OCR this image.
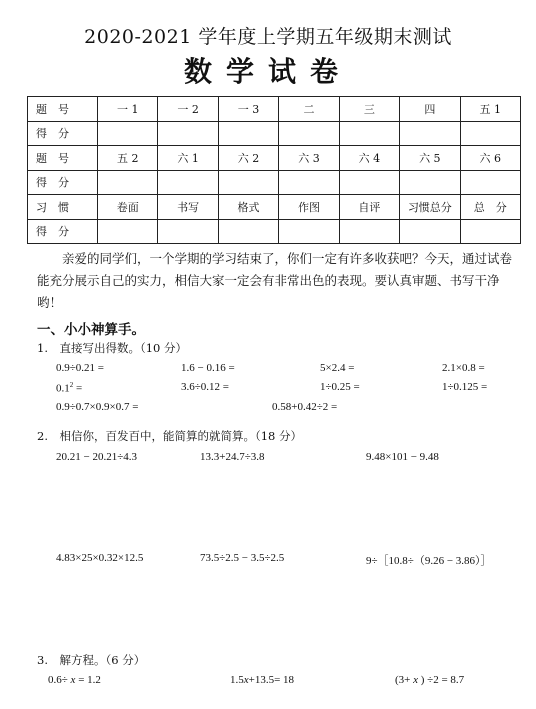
2020-2021 学年度上学期五年级期末测试
数学试卷
题　号	一 1	一 2	一 3	二	三	四	五 1
得　分							
题　号	五 2	六 1	六 2	六 3	六 4	六 5	六 6
得　分							
习　惯	卷面	书写	格式	作图	自评	习惯总分	总　分
得　分							
亲爱的同学们，一个学期的学习结束了，你们一定有许多收获吧？今天，通过试卷能充分展示自己的实力，相信大家一定会有非常出色的表现。要认真审题、书写干净哟！
一、小小神算手。
1.　直接写出得数。（10 分）
0.9÷0.21 =	1.6 − 0.16 =	5×2.4 =	2.1×0.8 =
$0.1^2$ =	3.6÷0.12 =	1÷0.25 =	1÷0.125 =
0.9÷0.7×0.9×0.7 =	0.58+0.42÷2 =
2.　相信你，百发百中，能简算的就简算。（18 分）
20.21 − 20.21÷4.3	13.3+24.7÷3.8	9.48×101 − 9.48
4.83×25×0.32×12.5	73.5÷2.5 − 3.5÷2.5	9÷［10.8÷（9.26 − 3.86）］
3.　解方程。（6 分）
0.6÷ x = 1.2	1.5x+13.5= 18	(3+ x ) ÷2 = 8.7
